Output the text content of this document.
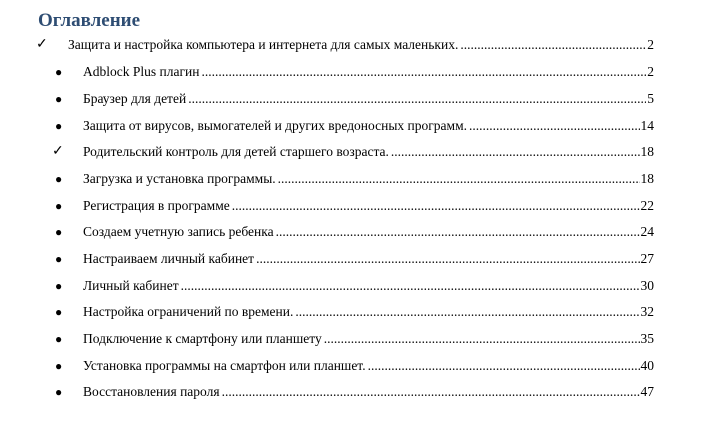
Оглавление
✓	Защита и настройка компьютера и интернета для самых маленьких. .....	2
●	Adblock Plus плагин .....	2
●	Браузер для детей .....	5
●	Защита от вирусов, вымогателей и других вредоносных программ. .....	14
✓	Родительский контроль для детей старшего возраста. .....	18
●	Загрузка и установка программы. .....	18
●	Регистрация в программе .....	22
●	Создаем учетную запись ребенка .....	24
●	Настраиваем личный кабинет .....	27
●	Личный кабинет .....	30
●	Настройка ограничений по времени. .....	32
●	Подключение к смартфону или планшету .....	35
●	Установка программы на смартфон или планшет. .....	40
●	Восстановления пароля .....	47
